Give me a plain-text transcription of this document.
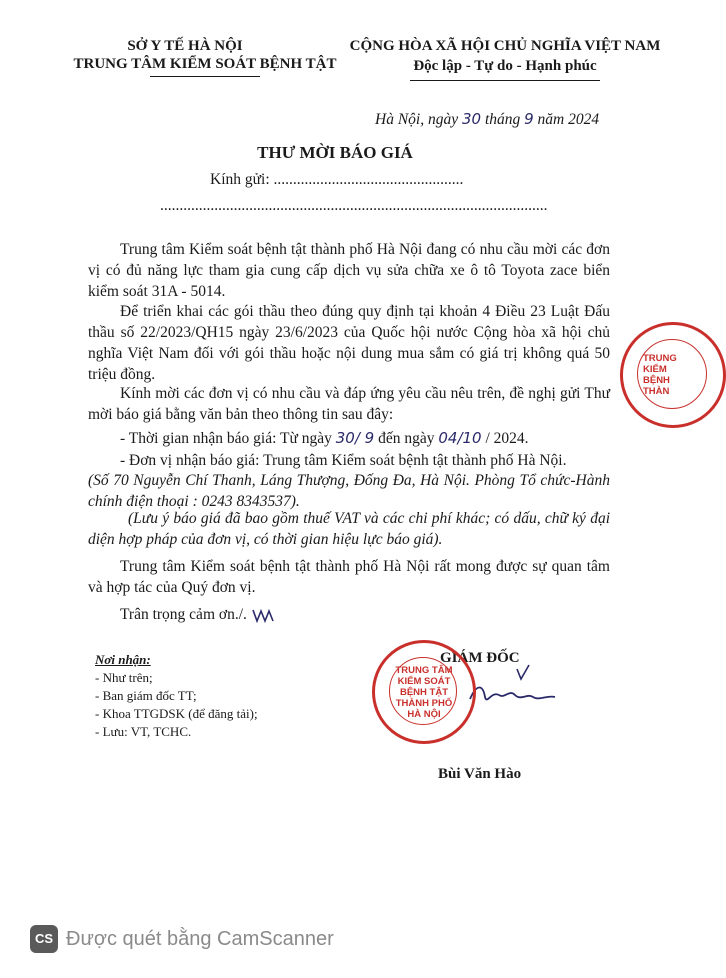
SỞ Y TẾ HÀ NỘI
TRUNG TÂM KIỂM SOÁT BỆNH TẬT
CỘNG HÒA XÃ HỘI CHỦ NGHĨA VIỆT NAM
Độc lập - Tự do - Hạnh phúc
Hà Nội, ngày 30 tháng 9 năm 2024
THƯ MỜI BÁO GIÁ
Kính gửi: .................................................
....................................................................................................
Trung tâm Kiểm soát bệnh tật thành phố Hà Nội đang có nhu cầu mời các đơn vị có đủ năng lực tham gia cung cấp dịch vụ sửa chữa xe ô tô Toyota zace biển kiểm soát 31A - 5014.
Để triển khai các gói thầu theo đúng quy định tại khoản 4 Điều 23 Luật Đấu thầu số 22/2023/QH15 ngày 23/6/2023 của Quốc hội nước Cộng hòa xã hội chủ nghĩa Việt Nam đối với gói thầu hoặc nội dung mua sắm có giá trị không quá 50 triệu đồng.
Kính mời các đơn vị có nhu cầu và đáp ứng yêu cầu nêu trên, đề nghị gửi Thư mời báo giá bằng văn bản theo thông tin sau đây:
- Thời gian nhận báo giá: Từ ngày 30/ 9 đến ngày 04/10 / 2024.
- Đơn vị nhận báo giá: Trung tâm Kiểm soát bệnh tật thành phố Hà Nội.
(Số 70 Nguyễn Chí Thanh, Láng Thượng, Đống Đa, Hà Nội. Phòng Tổ chức-Hành chính điện thoại : 0243 8343537).
(Lưu ý báo giá đã bao gồm thuế VAT và các chi phí khác; có dấu, chữ ký đại diện hợp pháp của đơn vị, có thời gian hiệu lực báo giá).
Trung tâm Kiểm soát bệnh tật thành phố Hà Nội rất mong được sự quan tâm và hợp tác của Quý đơn vị.
Trân trọng cảm ơn./.
Nơi nhận:
- Như trên;
- Ban giám đốc TT;
- Khoa TTGDSK (để đăng tải);
- Lưu: VT, TCHC.
GIÁM ĐỐC
TRUNG TÂM KIỂM SOÁT BỆNH TẬT THÀNH PHỐ HÀ NỘI
Bùi Văn Hào
TRUNG
KIỂM
BỆNH
THÀN
CS Được quét bằng CamScanner
